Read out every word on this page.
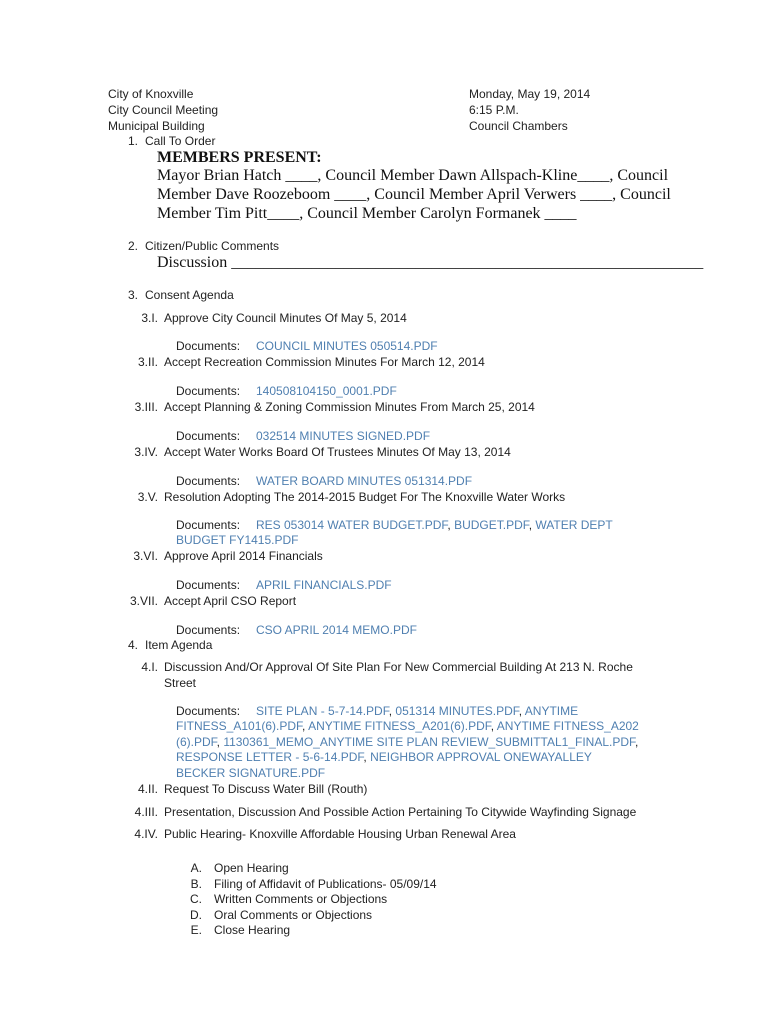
City of Knoxville
City Council Meeting
Municipal Building
Monday, May 19, 2014
6:15 P.M.
Council Chambers
1. Call To Order
MEMBERS PRESENT:
Mayor Brian Hatch ____, Council Member Dawn Allspach-Kline____, Council
Member Dave Roozeboom ____, Council Member April Verwers ____, Council
Member Tim Pitt____, Council Member Carolyn Formanek ____
2. Citizen/Public Comments
Discussion ___________________________________________________________
3. Consent Agenda
3.I. Approve City Council Minutes Of May 5, 2014
Documents: COUNCIL MINUTES 050514.PDF
3.II. Accept Recreation Commission Minutes For March 12, 2014
Documents: 140508104150_0001.PDF
3.III. Accept Planning & Zoning Commission Minutes From March 25, 2014
Documents: 032514 MINUTES SIGNED.PDF
3.IV. Accept Water Works Board Of Trustees Minutes Of May 13, 2014
Documents: WATER BOARD MINUTES 051314.PDF
3.V. Resolution Adopting The 2014-2015 Budget For The Knoxville Water Works
Documents: RES 053014 WATER BUDGET.PDF, BUDGET.PDF, WATER DEPT
BUDGET FY1415.PDF
3.VI. Approve April 2014 Financials
Documents: APRIL FINANCIALS.PDF
3.VII. Accept April CSO Report
Documents: CSO APRIL 2014 MEMO.PDF
4. Item Agenda
4.I. Discussion And/Or Approval Of Site Plan For New Commercial Building At 213 N. Roche
Street
Documents: SITE PLAN - 5-7-14.PDF, 051314 MINUTES.PDF, ANYTIME
FITNESS_A101(6).PDF, ANYTIME FITNESS_A201(6).PDF, ANYTIME FITNESS_A202
(6).PDF, 1130361_MEMO_ANYTIME SITE PLAN REVIEW_SUBMITTAL1_FINAL.PDF,
RESPONSE LETTER - 5-6-14.PDF, NEIGHBOR APPROVAL ONEWAYALLEY
BECKER SIGNATURE.PDF
4.II. Request To Discuss Water Bill (Routh)
4.III. Presentation, Discussion And Possible Action Pertaining To Citywide Wayfinding Signage
4.IV. Public Hearing- Knoxville Affordable Housing Urban Renewal Area
A. Open Hearing
B. Filing of Affidavit of Publications- 05/09/14
C. Written Comments or Objections
D. Oral Comments or Objections
E. Close Hearing
